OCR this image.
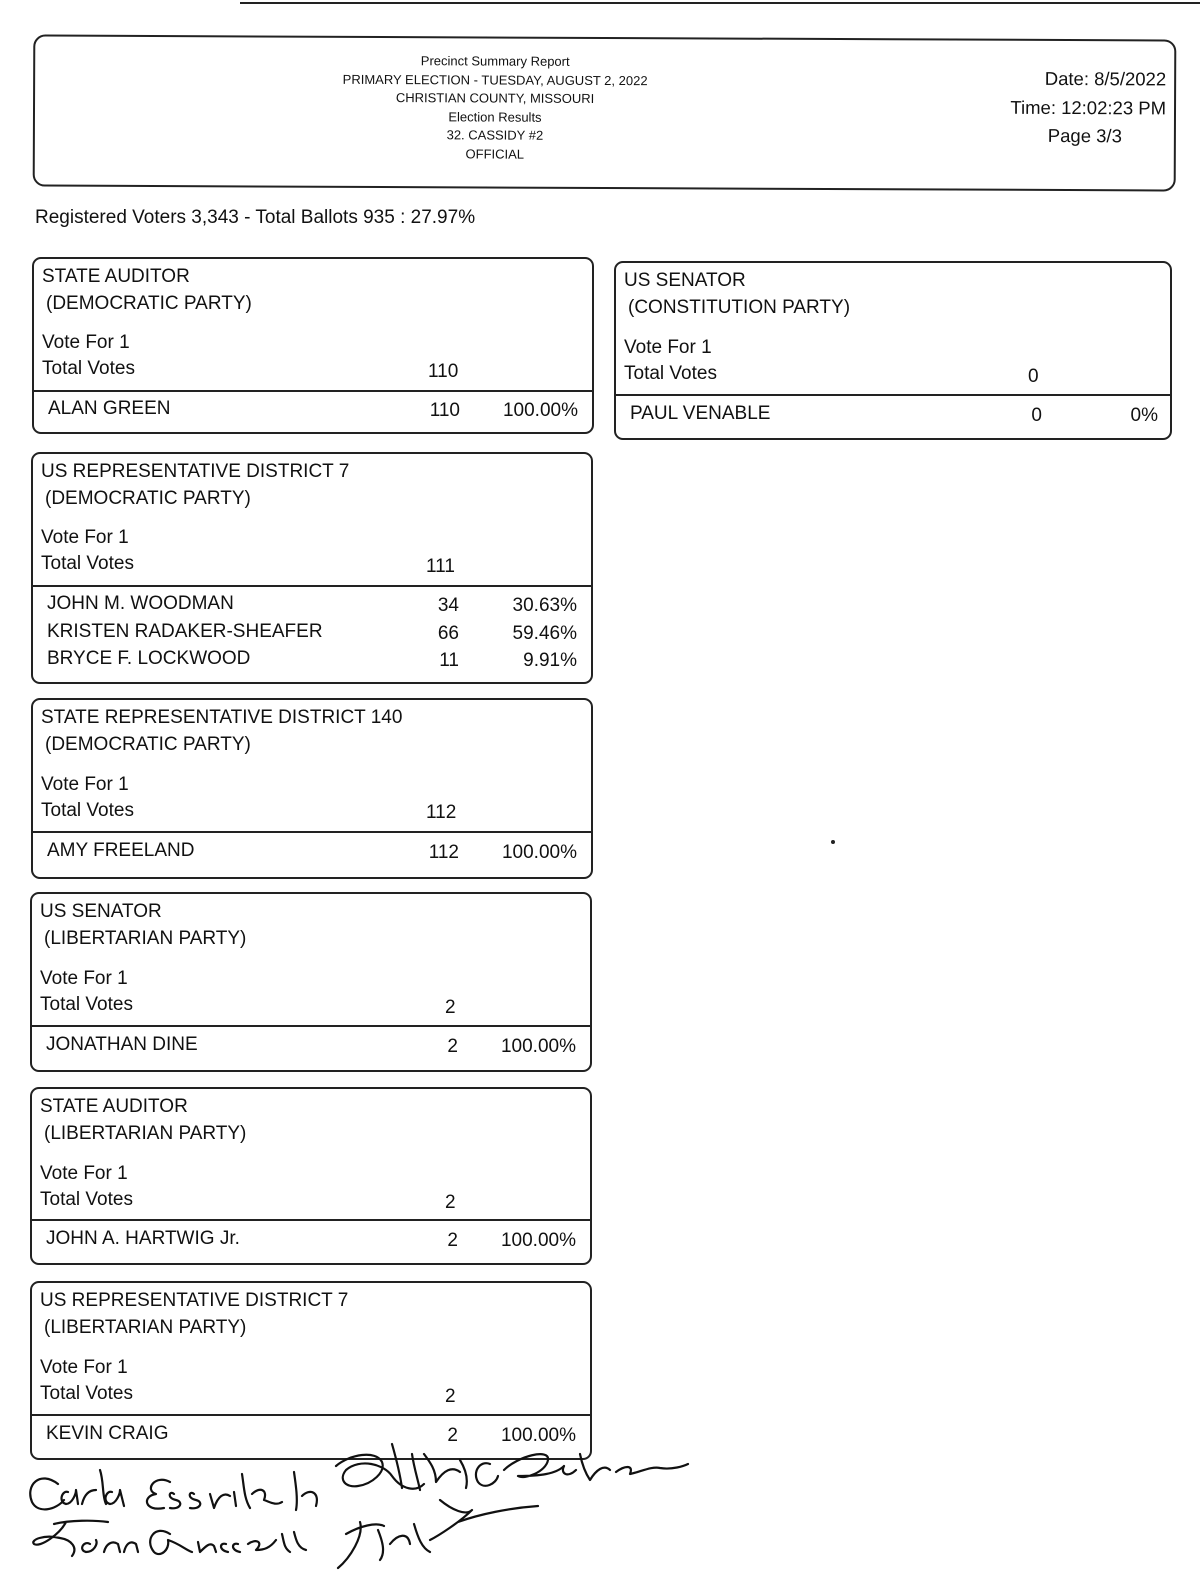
Precinct Summary Report
PRIMARY ELECTION - TUESDAY, AUGUST 2, 2022
CHRISTIAN COUNTY, MISSOURI
Election Results
32. CASSIDY #2
OFFICIAL
Date: 8/5/2022
Time: 12:02:23 PM
Page 3/3
Registered Voters 3,343 - Total Ballots 935 : 27.97%
STATE AUDITOR
(DEMOCRATIC PARTY)
Vote For 1
Total Votes	110
ALAN GREEN	110	100.00%
US REPRESENTATIVE DISTRICT 7
(DEMOCRATIC PARTY)
Vote For 1
Total Votes	111
JOHN M. WOODMAN	34	30.63%
KRISTEN RADAKER-SHEAFER	66	59.46%
BRYCE F. LOCKWOOD	11	9.91%
STATE REPRESENTATIVE DISTRICT 140
(DEMOCRATIC PARTY)
Vote For 1
Total Votes	112
AMY FREELAND	112	100.00%
US SENATOR
(LIBERTARIAN PARTY)
Vote For 1
Total Votes	2
JONATHAN DINE	2	100.00%
STATE AUDITOR
(LIBERTARIAN PARTY)
Vote For 1
Total Votes	2
JOHN A. HARTWIG Jr.	2	100.00%
US REPRESENTATIVE DISTRICT 7
(LIBERTARIAN PARTY)
Vote For 1
Total Votes	2
KEVIN CRAIG	2	100.00%
US SENATOR
(CONSTITUTION PARTY)
Vote For 1
Total Votes	0
PAUL VENABLE	0	0%
